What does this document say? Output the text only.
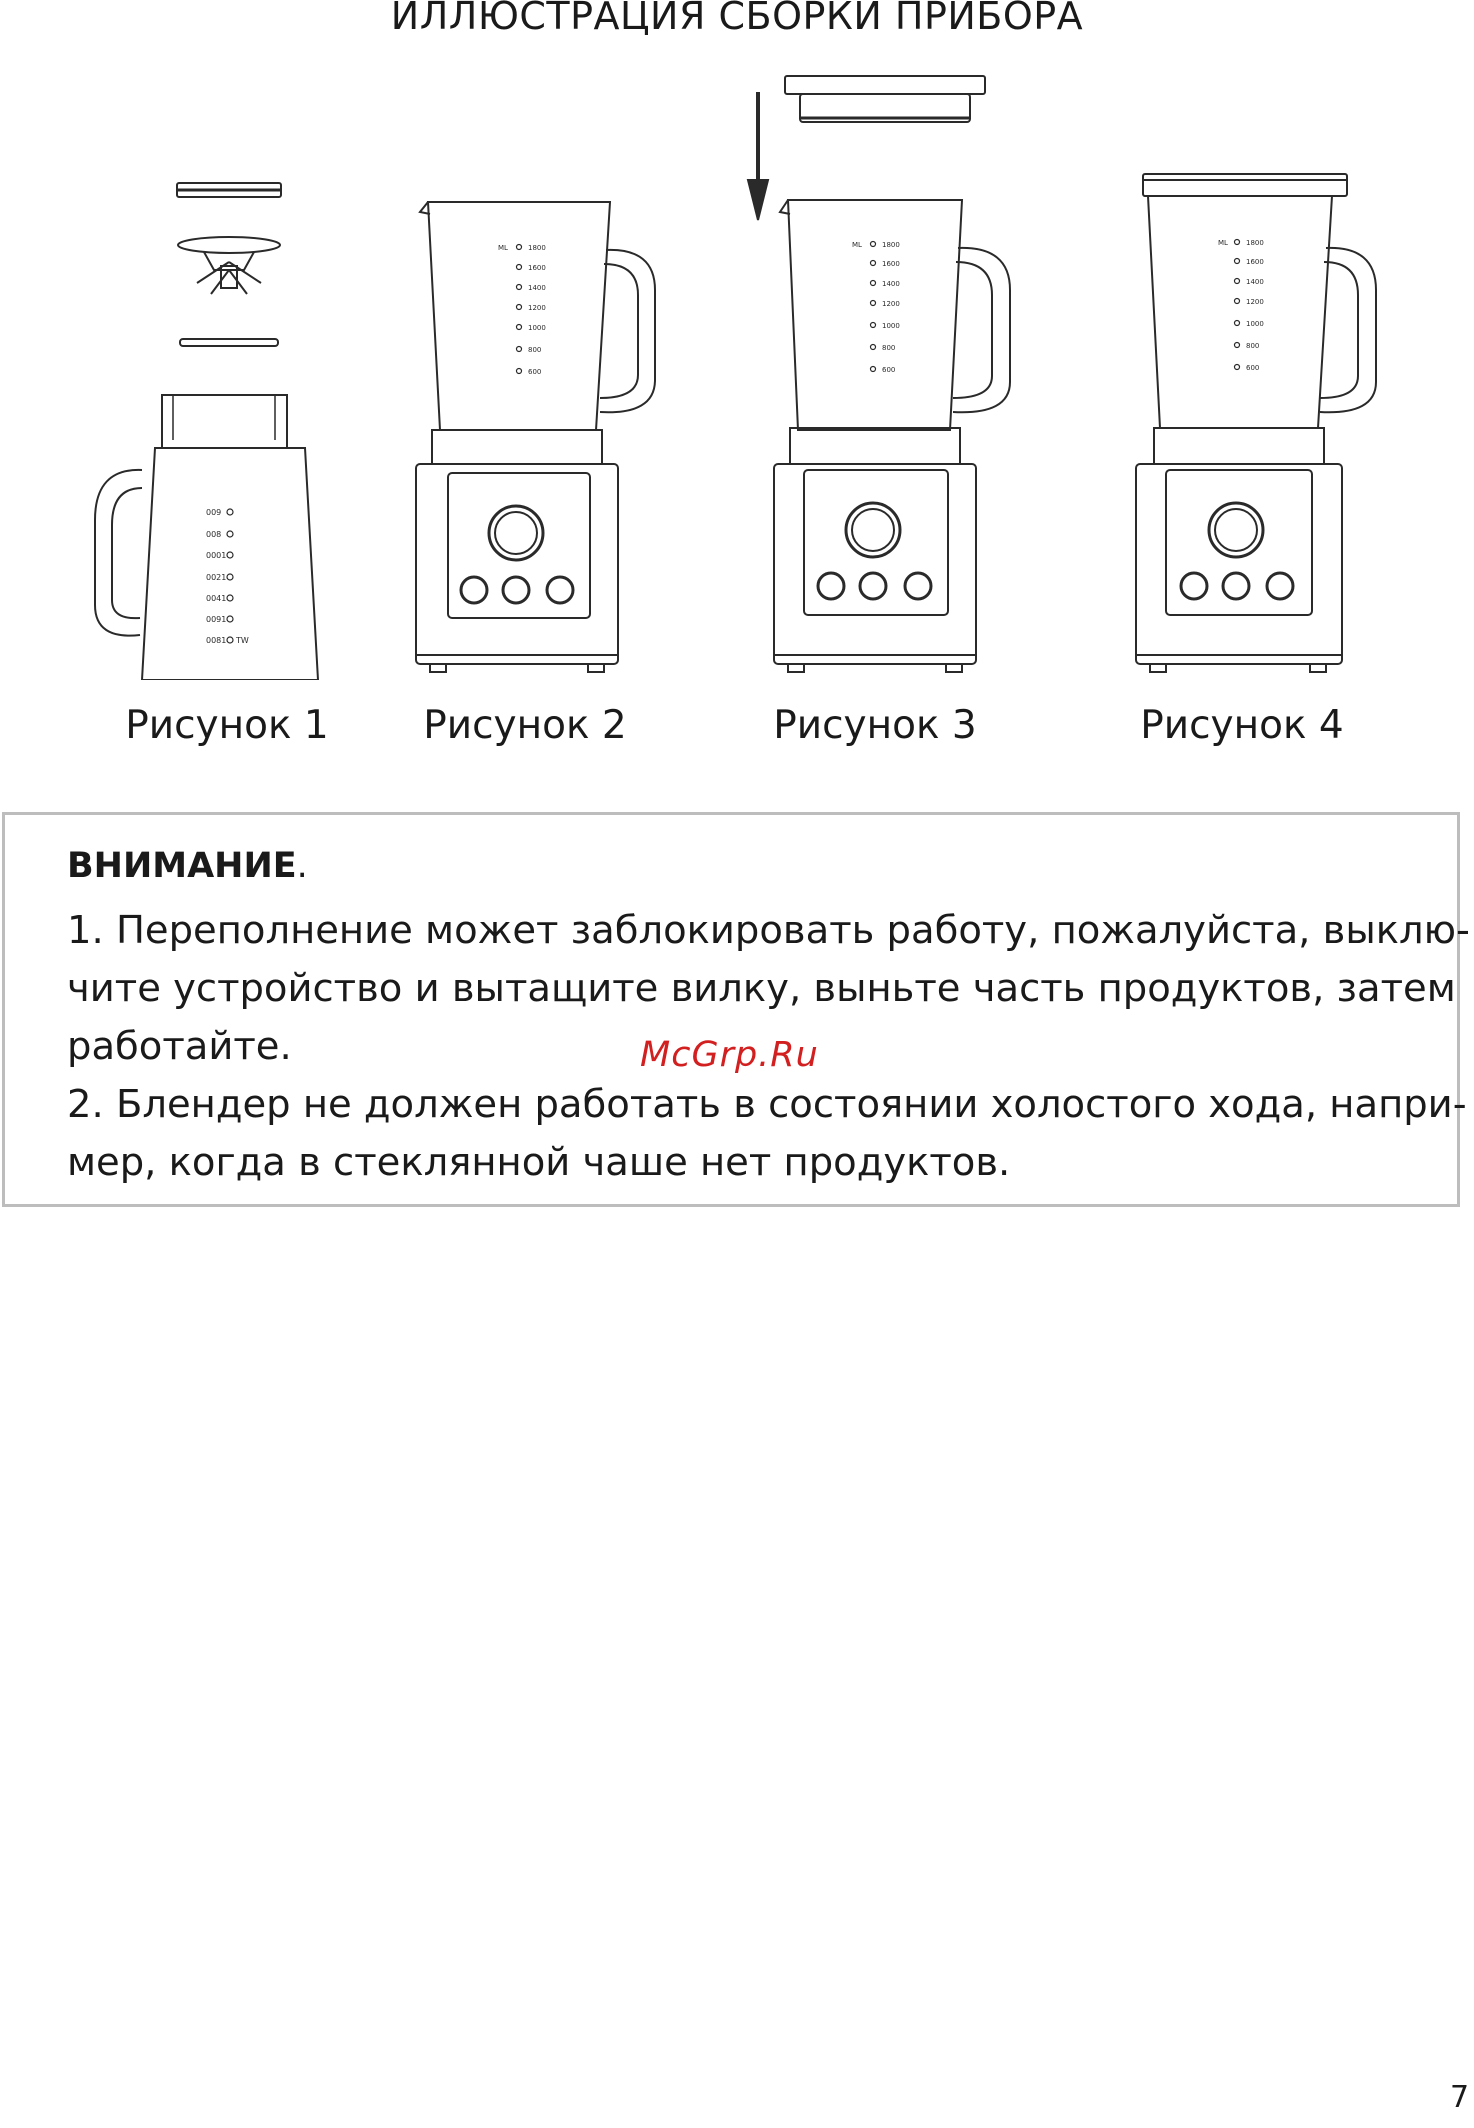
ИЛЛЮСТРАЦИЯ СБОРКИ ПРИБОРА
009
008
0001
0021
0041
0091
0081 TW
ML	1800
1600
1400
1200
1000
800
600
ML	1800
1600
1400
1200
1000
800
600
ML	1800
1600
1400
1200
1000
800
600
Рисунок 1	Рисунок 2	Рисунок 3	Рисунок 4
ВНИМАНИЕ.
1. Переполнение может заблокировать работу, пожалуйста, выклю-
чите устройство и вытащите вилку, выньте часть продуктов, затем
работайте.
2. Блендер не должен работать в состоянии холостого хода, напри-
мер, когда в стеклянной чаше нет продуктов.
McGrp.Ru
7
